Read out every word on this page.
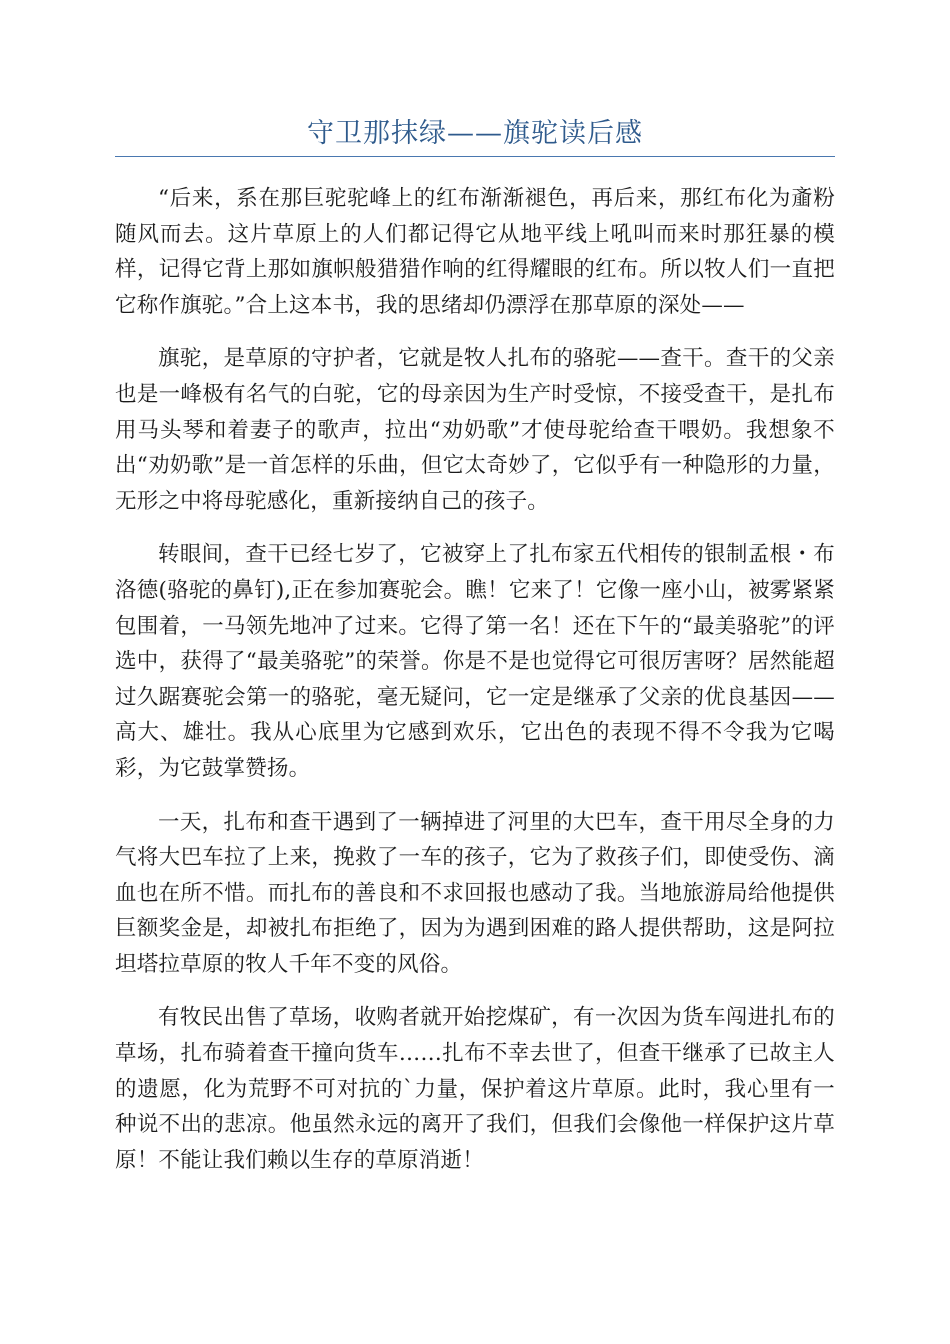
守卫那抹绿——旗驼读后感

“后来，系在那巨驼驼峰上的红布渐渐褪色，再后来，那红布化为齑粉随风而去。这片草原上的人们都记得它从地平线上吼叫而来时那狂暴的模样，记得它背上那如旗帜般猎猎作响的红得耀眼的红布。所以牧人们一直把它称作旗驼。”合上这本书，我的思绪却仍漂浮在那草原的深处——

旗驼，是草原的守护者，它就是牧人扎布的骆驼——查干。查干的父亲也是一峰极有名气的白驼，它的母亲因为生产时受惊，不接受查干，是扎布用马头琴和着妻子的歌声，拉出“劝奶歌”才使母驼给查干喂奶。我想象不出“劝奶歌”是一首怎样的乐曲，但它太奇妙了，它似乎有一种隐形的力量，无形之中将母驼感化，重新接纳自己的孩子。

转眼间，查干已经七岁了，它被穿上了扎布家五代相传的银制孟根・布洛德(骆驼的鼻钉),正在参加赛驼会。瞧！它来了！它像一座小山，被雾紧紧包围着，一马领先地冲了过来。它得了第一名！还在下午的“最美骆驼”的评选中，获得了“最美骆驼”的荣誉。你是不是也觉得它可很厉害呀？居然能超过久踞赛驼会第一的骆驼，毫无疑问，它一定是继承了父亲的优良基因——高大、雄壮。我从心底里为它感到欢乐，它出色的表现不得不令我为它喝彩，为它鼓掌赞扬。

一天，扎布和查干遇到了一辆掉进了河里的大巴车，查干用尽全身的力气将大巴车拉了上来，挽救了一车的孩子，它为了救孩子们，即使受伤、滴血也在所不惜。而扎布的善良和不求回报也感动了我。当地旅游局给他提供巨额奖金是，却被扎布拒绝了，因为为遇到困难的路人提供帮助，这是阿拉坦塔拉草原的牧人千年不变的风俗。

有牧民出售了草场，收购者就开始挖煤矿，有一次因为货车闯进扎布的草场，扎布骑着查干撞向货车……扎布不幸去世了，但查干继承了已故主人的遗愿，化为荒野不可对抗的`力量，保护着这片草原。此时，我心里有一种说不出的悲凉。他虽然永远的离开了我们，但我们会像他一样保护这片草原！不能让我们赖以生存的草原消逝！
